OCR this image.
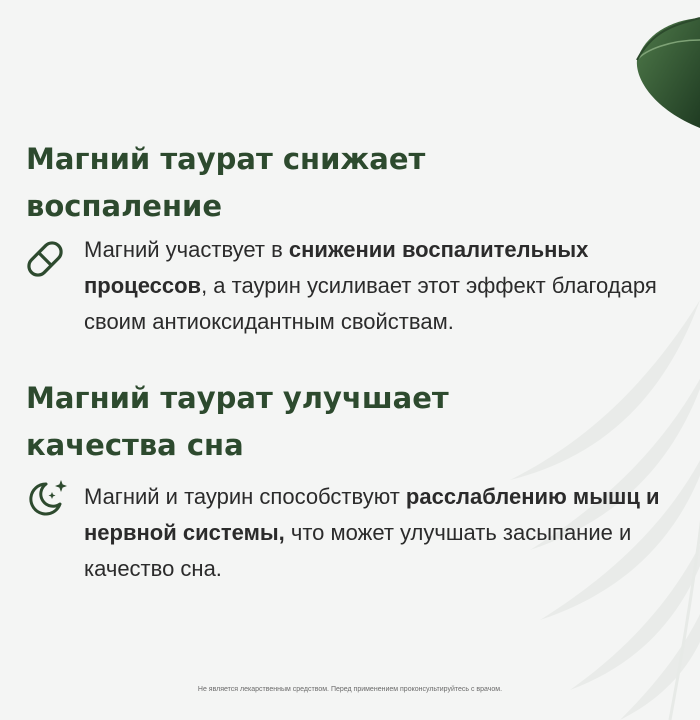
Магний таурат снижает
воспаление

Магний участвует в снижении воспалительных процессов, а таурин усиливает этот эффект благодаря своим антиоксидантным свойствам.

Магний таурат улучшает
качества сна

Магний и таурин способствуют расслаблению мышц и нервной системы, что может улучшать засыпание и качество сна.

Не является лекарственным средством. Перед применением проконсультируйтесь с врачом.
